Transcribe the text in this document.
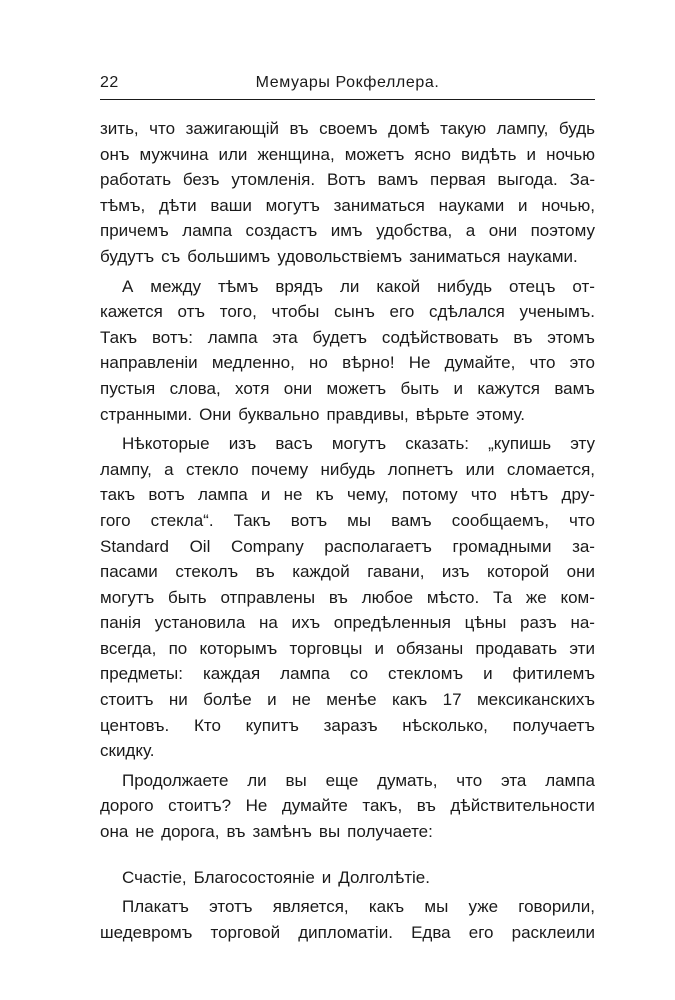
22	Мемуары Рокфеллера.
зить, что зажигающій въ своемъ домѣ такую лампу, будь
онъ мужчина или женщина, можетъ ясно видѣть и ночью
работать безъ утомленія. Вотъ вамъ первая выгода. За-
тѣмъ, дѣти ваши могутъ заниматься науками и ночью,
причемъ лампа создастъ имъ удобства, а они поэтому
будутъ съ большимъ удовольствіемъ заниматься науками.
А между тѣмъ врядъ ли какой нибудь отецъ от-
кажется отъ того, чтобы сынъ его сдѣлался ученымъ.
Такъ вотъ: лампа эта будетъ содѣйствовать въ этомъ
направленіи медленно, но вѣрно! Не думайте, что это
пустыя слова, хотя они можетъ быть и кажутся вамъ
странными. Они буквально правдивы, вѣрьте этому.
Нѣкоторые изъ васъ могутъ сказать: „купишь эту
лампу, а стекло почему нибудь лопнетъ или сломается,
такъ вотъ лампа и не къ чему, потому что нѣтъ дру-
гого стекла“. Такъ вотъ мы вамъ сообщаемъ, что
Standard Oil Company располагаетъ громадными за-
пасами стеколъ въ каждой гавани, изъ которой они
могутъ быть отправлены въ любое мѣсто. Та же ком-
панія установила на ихъ опредѣленныя цѣны разъ на-
всегда, по которымъ торговцы и обязаны продавать эти
предметы: каждая лампа со стекломъ и фитилемъ
стоитъ ни болѣе и не менѣе какъ 17 мексиканскихъ
центовъ. Кто купитъ заразъ нѣсколько, получаетъ
скидку.
Продолжаете ли вы еще думать, что эта лампа
дорого стоитъ? Не думайте такъ, въ дѣйствительности
она не дорога, въ замѣнъ вы получаете:
Счастіе, Благосостояніе и Долголѣтіе.
Плакатъ этотъ является, какъ мы уже говорили,
шедевромъ торговой дипломатіи. Едва его расклеили
